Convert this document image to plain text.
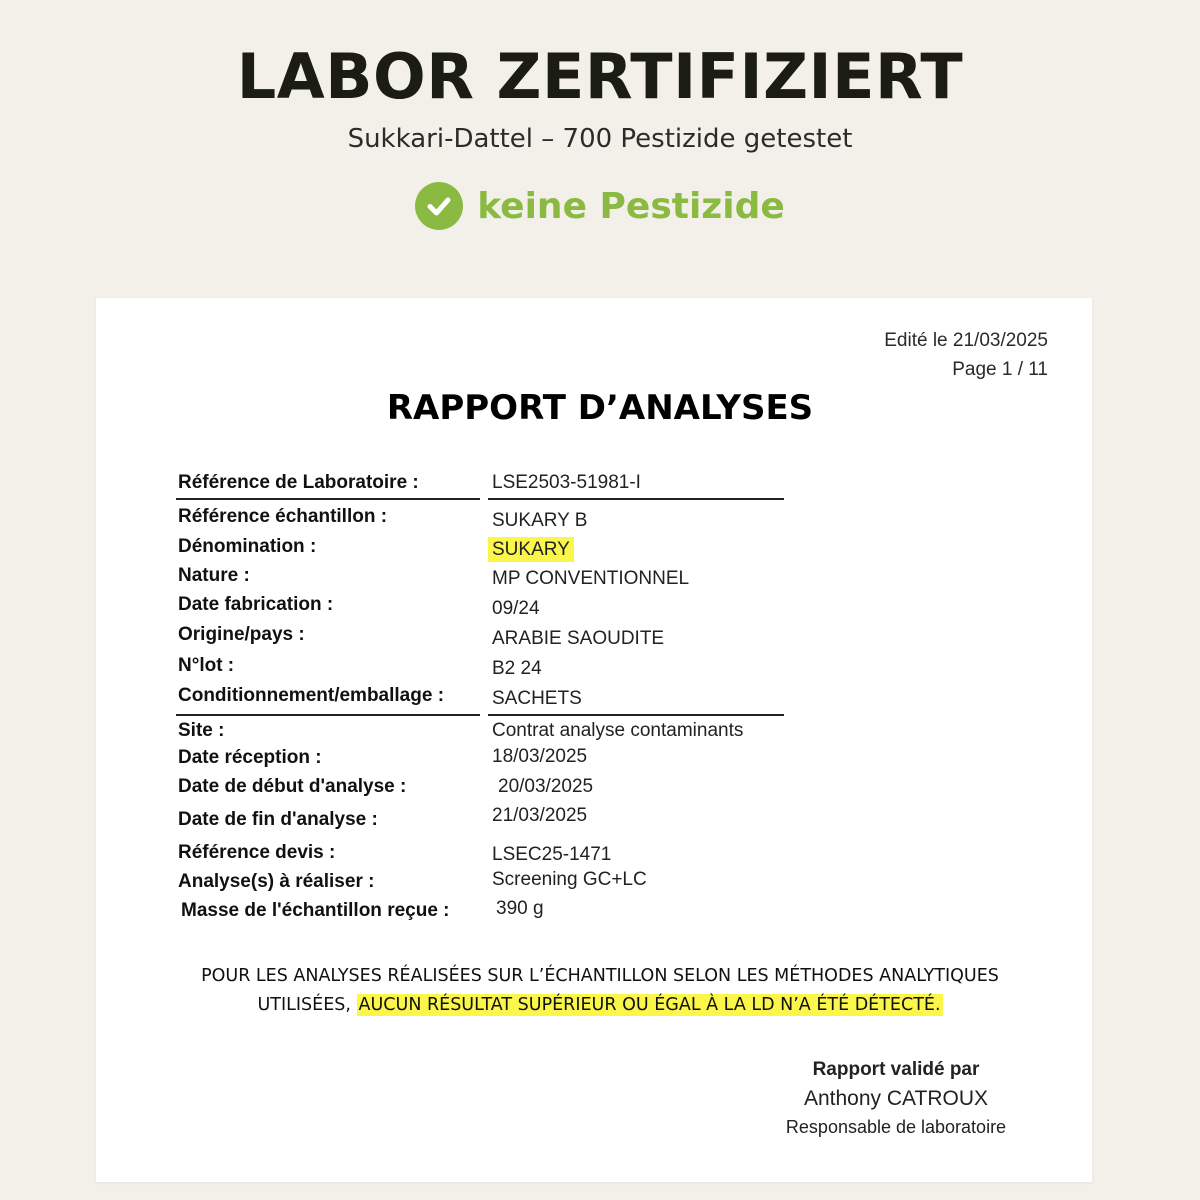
LABOR ZERTIFIZIERT

Sukkari-Dattel – 700 Pestizide getestet

keine Pestizide
Edité le 21/03/2025
Page 1 / 11
RAPPORT D’ANALYSES
Référence de Laboratoire :	LSE2503-51981-I
Référence échantillon :	SUKARY B
Dénomination :	SUKARY
Nature :	MP CONVENTIONNEL
Date fabrication :	09/24
Origine/pays :	ARABIE SAOUDITE
N°lot :	B2 24
Conditionnement/emballage :	SACHETS
Site :	Contrat analyse contaminants
Date réception :	18/03/2025
Date de début d'analyse :	20/03/2025
Date de fin d'analyse :	21/03/2025
Référence devis :	LSEC25-1471
Analyse(s) à réaliser :	Screening GC+LC
Masse de l'échantillon reçue : 390 g
POUR LES ANALYSES RÉALISÉES SUR L’ÉCHANTILLON SELON LES MÉTHODES ANALYTIQUES
UTILISÉES, AUCUN RÉSULTAT SUPÉRIEUR OU ÉGAL À LA LD N’A ÉTÉ DÉTECTÉ.
Rapport validé par
Anthony CATROUX
Responsable de laboratoire
